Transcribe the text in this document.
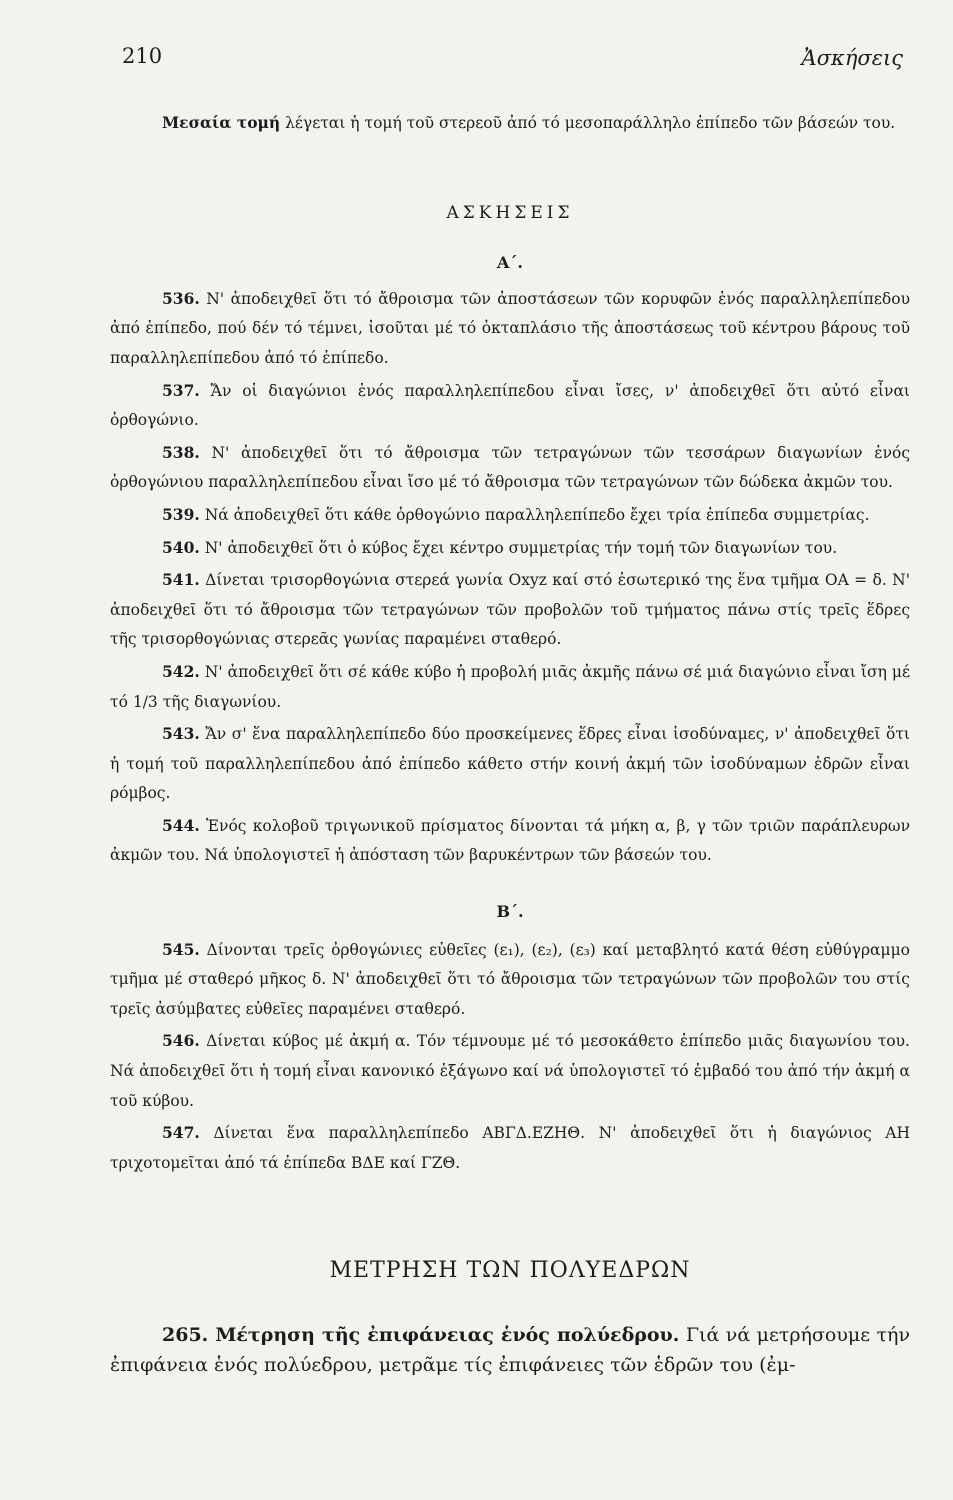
210	Ἀσκήσεις

Μεσαία τομή λέγεται ἡ τομή τοῦ στερεοῦ ἀπό τό μεσοπαράλληλο ἐπίπεδο τῶν βάσεών του.

ΑΣΚΗΣΕΙΣ
Α΄.

536. Ν' ἀποδειχθεῖ ὅτι τό ἄθροισμα τῶν ἀποστάσεων τῶν κορυφῶν ἑνός παραλληλεπίπεδου ἀπό ἐπίπεδο, πού δέν τό τέμνει, ἰσοῦται μέ τό ὀκταπλάσιο τῆς ἀποστάσεως τοῦ κέντρου βάρους τοῦ παραλληλεπίπεδου ἀπό τό ἐπίπεδο.

537. Ἄν οἱ διαγώνιοι ἑνός παραλληλεπίπεδου εἶναι ἴσες, ν' ἀποδειχθεῖ ὅτι αὐτό εἶναι ὀρθογώνιο.

538. Ν' ἀποδειχθεῖ ὅτι τό ἄθροισμα τῶν τετραγώνων τῶν τεσσάρων διαγωνίων ἑνός ὀρθογώνιου παραλληλεπίπεδου εἶναι ἴσο μέ τό ἄθροισμα τῶν τετραγώνων τῶν δώδεκα ἀκμῶν του.

539. Νά ἀποδειχθεῖ ὅτι κάθε ὀρθογώνιο παραλληλεπίπεδο ἔχει τρία ἐπίπεδα συμμετρίας.

540. Ν' ἀποδειχθεῖ ὅτι ὁ κύβος ἔχει κέντρο συμμετρίας τήν τομή τῶν διαγωνίων του.

541. Δίνεται τρισορθογώνια στερεά γωνία Οxyz καί στό ἐσωτερικό της ἕνα τμῆμα ΟΑ = δ. Ν' ἀποδειχθεῖ ὅτι τό ἄθροισμα τῶν τετραγώνων τῶν προβολῶν τοῦ τμήματος πάνω στίς τρεῖς ἕδρες τῆς τρισορθογώνιας στερεᾶς γωνίας παραμένει σταθερό.

542. Ν' ἀποδειχθεῖ ὅτι σέ κάθε κύβο ἡ προβολή μιᾶς ἀκμῆς πάνω σέ μιά διαγώνιο εἶναι ἴση μέ τό 1/3 τῆς διαγωνίου.

543. Ἄν σ' ἕνα παραλληλεπίπεδο δύο προσκείμενες ἕδρες εἶναι ἰσοδύναμες, ν' ἀποδειχθεῖ ὅτι ἡ τομή τοῦ παραλληλεπίπεδου ἀπό ἐπίπεδο κάθετο στήν κοινή ἀκμή τῶν ἰσοδύναμων ἑδρῶν εἶναι ρόμβος.

544. Ἑνός κολοβοῦ τριγωνικοῦ πρίσματος δίνονται τά μήκη α, β, γ τῶν τριῶν παράπλευρων ἀκμῶν του. Νά ὑπολογιστεῖ ἡ ἀπόσταση τῶν βαρυκέντρων τῶν βάσεών του.

Β΄.

545. Δίνονται τρεῖς ὀρθογώνιες εὐθεῖες (ε₁), (ε₂), (ε₃) καί μεταβλητό κατά θέση εὐθύγραμμο τμῆμα μέ σταθερό μῆκος δ. Ν' ἀποδειχθεῖ ὅτι τό ἄθροισμα τῶν τετραγώνων τῶν προβολῶν του στίς τρεῖς ἀσύμβατες εὐθεῖες παραμένει σταθερό.

546. Δίνεται κύβος μέ ἀκμή α. Τόν τέμνουμε μέ τό μεσοκάθετο ἐπίπεδο μιᾶς διαγωνίου του. Νά ἀποδειχθεῖ ὅτι ἡ τομή εἶναι κανονικό ἑξάγωνο καί νά ὑπολογιστεῖ τό ἐμβαδό του ἀπό τήν ἀκμή α τοῦ κύβου.

547. Δίνεται ἕνα παραλληλεπίπεδο ΑΒΓΔ.ΕΖΗΘ. Ν' ἀποδειχθεῖ ὅτι ἡ διαγώνιος ΑΗ τριχοτομεῖται ἀπό τά ἐπίπεδα ΒΔΕ καί ΓΖΘ.

ΜΕΤΡΗΣΗ ΤΩΝ ΠΟΛΥΕΔΡΩΝ

265. Μέτρηση τῆς ἐπιφάνειας ἑνός πολύεδρου. Γιά νά μετρήσουμε τήν ἐπιφάνεια ἑνός πολύεδρου, μετρᾶμε τίς ἐπιφάνειες τῶν ἑδρῶν του (ἐμ-
